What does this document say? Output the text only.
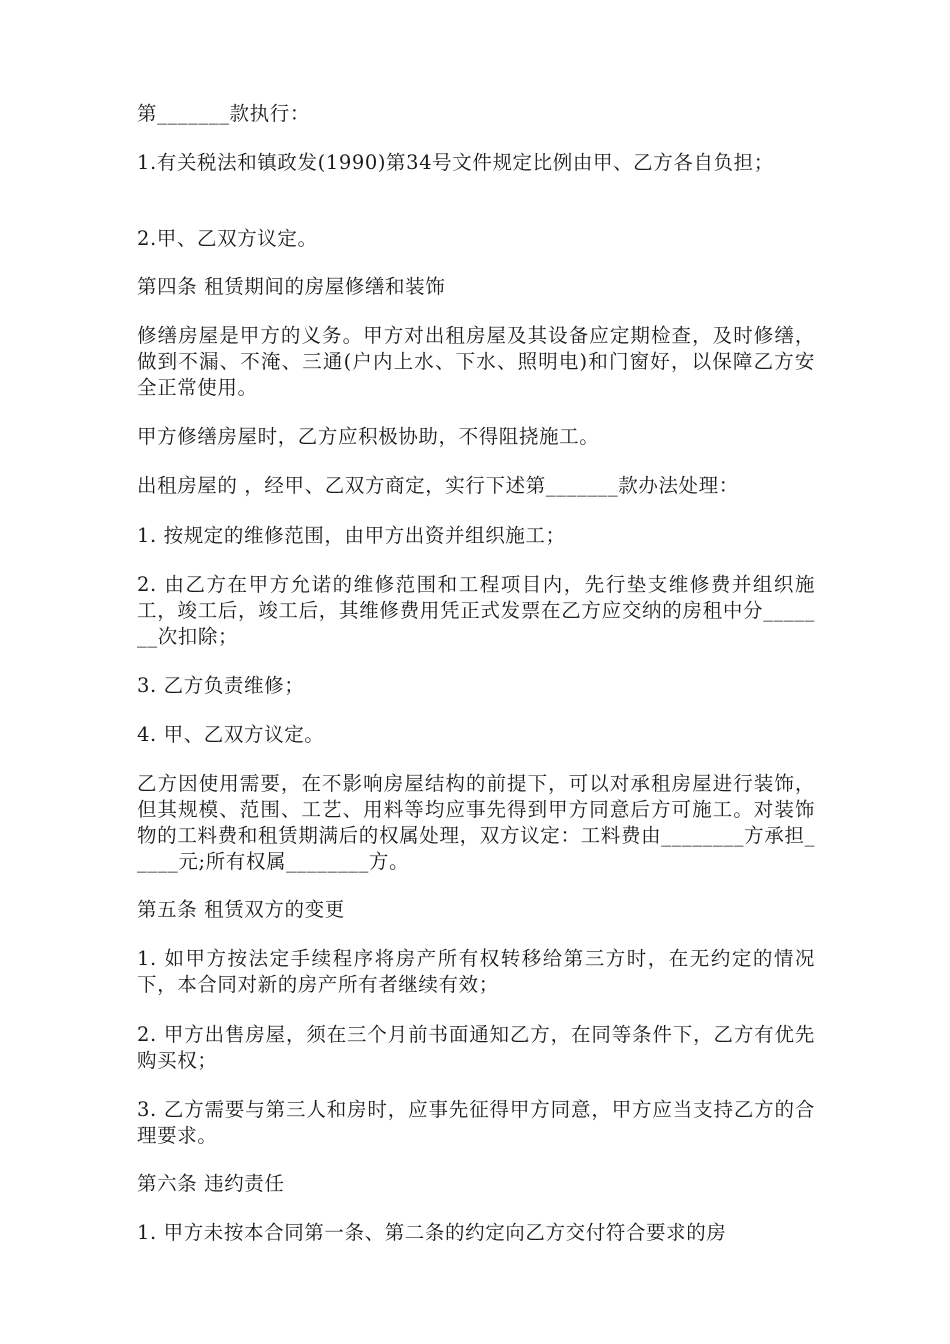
第_______款执行：

1.有关税法和镇政发(1990)第34号文件规定比例由甲、乙方各自负担；

2.甲、乙双方议定。

第四条 租赁期间的房屋修缮和装饰

修缮房屋是甲方的义务。甲方对出租房屋及其设备应定期检查，及时修缮，做到不漏、不淹、三通(户内上水、下水、照明电)和门窗好，以保障乙方安全正常使用。

甲方修缮房屋时，乙方应积极协助，不得阻挠施工。

出租房屋的 ，经甲、乙双方商定，实行下述第_______款办法处理：

1. 按规定的维修范围，由甲方出资并组织施工；

2. 由乙方在甲方允诺的维修范围和工程项目内，先行垫支维修费并组织施工，竣工后，竣工后，其维修费用凭正式发票在乙方应交纳的房租中分_______次扣除；

3. 乙方负责维修；

4. 甲、乙双方议定。

乙方因使用需要，在不影响房屋结构的前提下，可以对承租房屋进行装饰，但其规模、范围、工艺、用料等均应事先得到甲方同意后方可施工。对装饰物的工料费和租赁期满后的权属处理，双方议定：工料费由________方承担_____元;所有权属________方。

第五条 租赁双方的变更

1. 如甲方按法定手续程序将房产所有权转移给第三方时，在无约定的情况下，本合同对新的房产所有者继续有效；

2. 甲方出售房屋，须在三个月前书面通知乙方，在同等条件下，乙方有优先购买权；

3. 乙方需要与第三人和房时，应事先征得甲方同意，甲方应当支持乙方的合理要求。

第六条 违约责任

1. 甲方未按本合同第一条、第二条的约定向乙方交付符合要求的房
